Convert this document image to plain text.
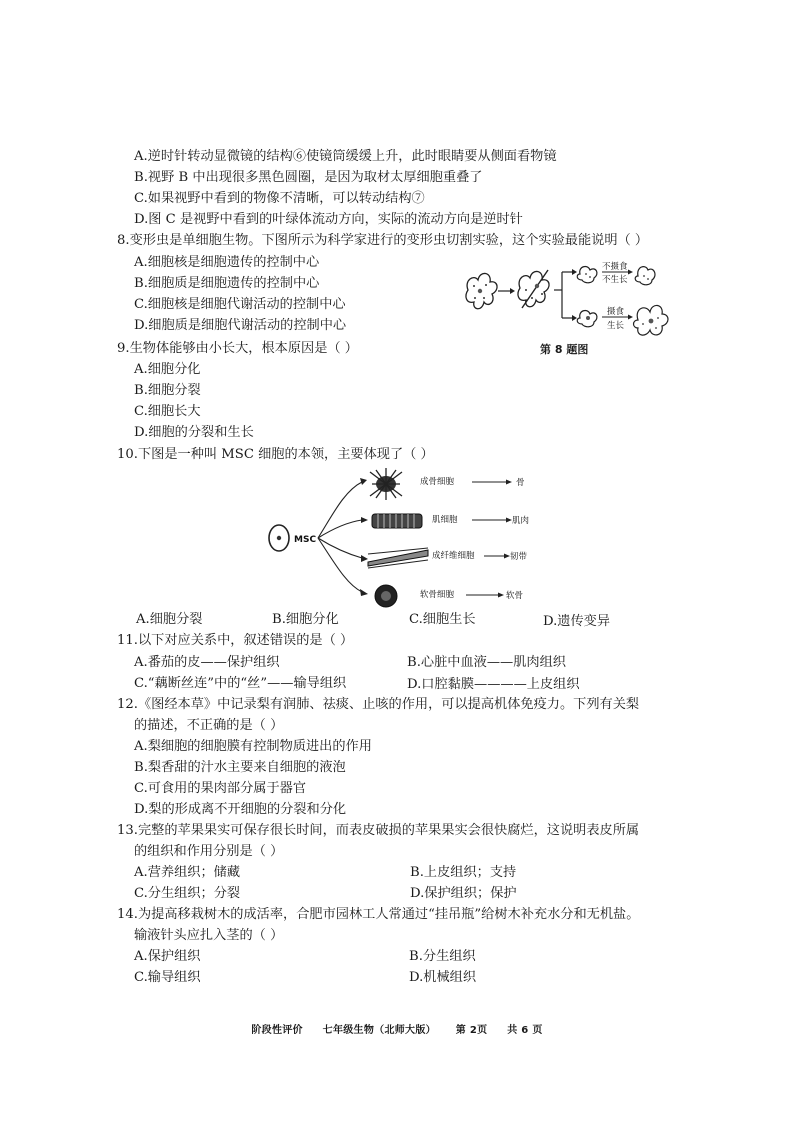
A.逆时针转动显微镜的结构⑥使镜筒缓缓上升，此时眼睛要从侧面看物镜
B.视野 B 中出现很多黑色圆圈，是因为取材太厚细胞重叠了
C.如果视野中看到的物像不清晰，可以转动结构⑦
D.图 C 是视野中看到的叶绿体流动方向，实际的流动方向是逆时针
8.变形虫是单细胞生物。下图所示为科学家进行的变形虫切割实验，这个实验最能说明（ ）
A.细胞核是细胞遗传的控制中心
B.细胞质是细胞遗传的控制中心
C.细胞核是细胞代谢活动的控制中心
D.细胞质是细胞代谢活动的控制中心
不摄食
不生长
摄食
生长
第 8 题图
9.生物体能够由小长大，根本原因是（ ）
A.细胞分化
B.细胞分裂
C.细胞长大
D.细胞的分裂和生长
10.下图是一种叫 MSC 细胞的本领，主要体现了（ ）
MSC
成骨细胞	骨
肌细胞	肌肉
成纤维细胞	韧带
软骨细胞	软骨
A.细胞分裂	B.细胞分化	C.细胞生长	D.遗传变异
11.以下对应关系中，叙述错误的是（ ）
A.番茄的皮——保护组织	B.心脏中血液——肌肉组织
C.“藕断丝连”中的“丝”——输导组织	D.口腔黏膜————上皮组织
12.《图经本草》中记录梨有润肺、祛痰、止咳的作用，可以提高机体免疫力。下列有关梨
的描述，不正确的是（ ）
A.梨细胞的细胞膜有控制物质进出的作用
B.梨香甜的汁水主要来自细胞的液泡
C.可食用的果肉部分属于器官
D.梨的形成离不开细胞的分裂和分化
13.完整的苹果果实可保存很长时间，而表皮破损的苹果果实会很快腐烂，这说明表皮所属
的组织和作用分别是（ ）
A.营养组织；储藏	B.上皮组织；支持
C.分生组织；分裂	D.保护组织；保护
14.为提高移栽树木的成活率，合肥市园林工人常通过“挂吊瓶”给树木补充水分和无机盐。
输液针头应扎入茎的（ ）
A.保护组织	B.分生组织
C.输导组织	D.机械组织
阶段性评价 七年级生物（北师大版） 第 2页 共 6 页
